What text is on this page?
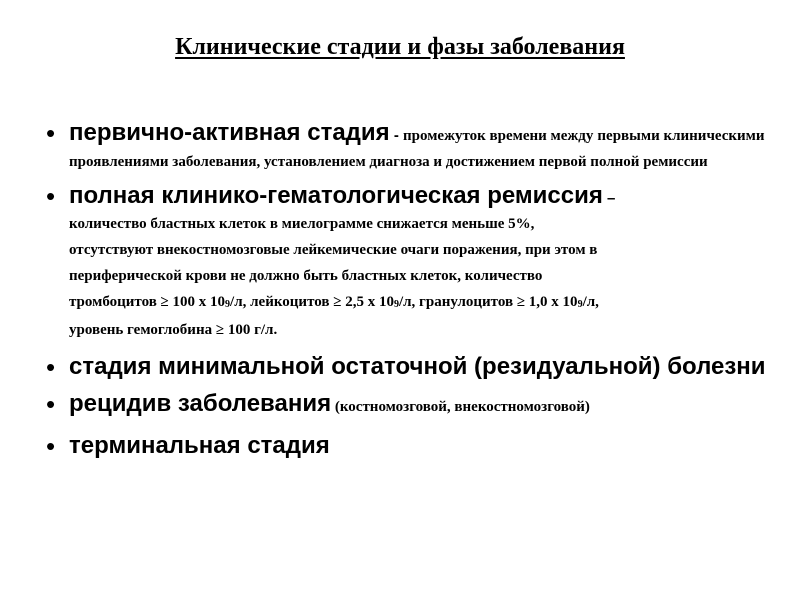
Клинические стадии и фазы заболевания
• первично-активная стадия - промежуток времени между первыми клиническими проявлениями заболевания, установлением диагноза и достижением первой полной ремиссии
• полная клинико-гематологическая ремиссия –
количество бластных клеток в миелограмме снижается меньше 5%,
отсутствуют внекостномозговые лейкемические очаги поражения, при этом в
периферической крови не должно быть бластных клеток, количество
тромбоцитов ≥ 100 х $10^9/л$, лейкоцитов ≥ 2,5 х $10^9/л$, гранулоцитов ≥ 1,0 х $10^9/л$,
уровень гемоглобина ≥ 100 г/л.
• стадия минимальной остаточной (резидуальной) болезни
• рецидив заболевания (костномозговой, внекостномозговой)
• терминальная стадия
